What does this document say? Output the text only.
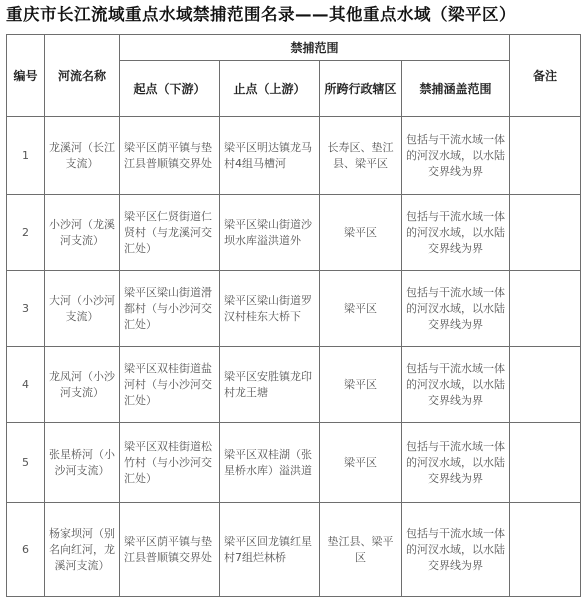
重庆市长江流域重点水域禁捕范围名录——其他重点水域（梁平区）
编号	河流名称	禁捕范围				备注
		起点（下游）	止点（上游）	所跨行政辖区	禁捕涵盖范围	
1	龙溪河（长江支流）	梁平区荫平镇与垫江县普顺镇交界处	梁平区明达镇龙马村4组马槽河	长寿区、垫江县、梁平区	包括与干流水域一体的河汊水域，以水陆交界线为界	
2	小沙河（龙溪河支流）	梁平区仁贤街道仁贤村（与龙溪河交汇处）	梁平区梁山街道沙坝水库溢洪道外	梁平区	包括与干流水域一体的河汊水域，以水陆交界线为界	
3	大河（小沙河支流）	梁平区梁山街道滑都村（与小沙河交汇处）	梁平区梁山街道罗汉村桂东大桥下	梁平区	包括与干流水域一体的河汊水域，以水陆交界线为界	
4	龙凤河（小沙河支流）	梁平区双桂街道盐河村（与小沙河交汇处）	梁平区安胜镇龙印村龙王塘	梁平区	包括与干流水域一体的河汊水域，以水陆交界线为界	
5	张星桥河（小沙河支流）	梁平区双桂街道松竹村（与小沙河交汇处）	梁平区双桂湖（张星桥水库）溢洪道	梁平区	包括与干流水域一体的河汊水域，以水陆交界线为界	
6	杨家坝河（别名向红河，龙溪河支流）	梁平区荫平镇与垫江县普顺镇交界处	梁平区回龙镇红星村7组烂林桥	垫江县、梁平区	包括与干流水域一体的河汊水域，以水陆交界线为界	
